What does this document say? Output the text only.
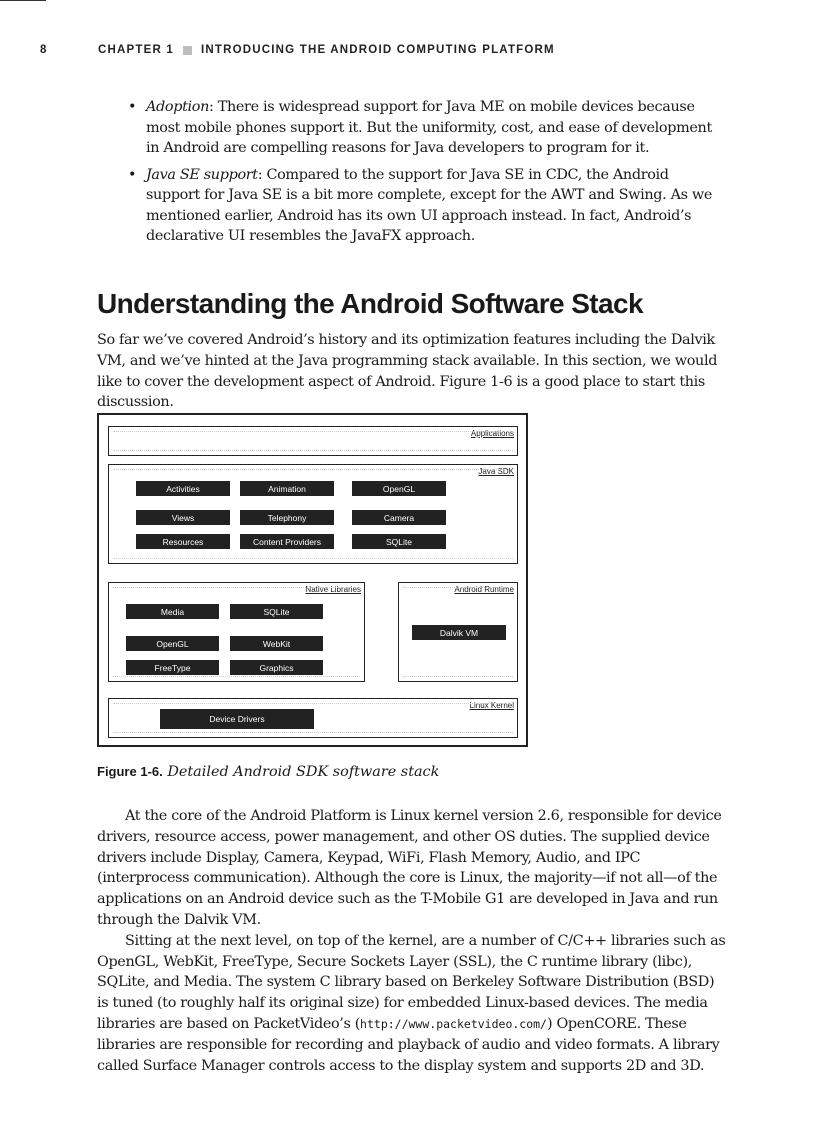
8	CHAPTER 1 INTRODUCING THE ANDROID COMPUTING PLATFORM
• Adoption: There is widespread support for Java ME on mobile devices because most mobile phones support it. But the uniformity, cost, and ease of development in Android are compelling reasons for Java developers to program for it.
• Java SE support: Compared to the support for Java SE in CDC, the Android support for Java SE is a bit more complete, except for the AWT and Swing. As we mentioned earlier, Android has its own UI approach instead. In fact, Android’s declarative UI resembles the JavaFX approach.
Understanding the Android Software Stack

So far we’ve covered Android’s history and its optimization features including the Dalvik VM, and we’ve hinted at the Java programming stack available. In this section, we would like to cover the development aspect of Android. Figure 1-6 is a good place to start this discussion.

Applications
Java SDK
Activities	Animation	OpenGL
Views	Telephony	Camera
Resources	Content Providers	SQLite
Native Libraries
Media	SQLite
OpenGL	WebKit
FreeType	Graphics
Android Runtime
Dalvik VM
Linux Kernel
Device Drivers

Figure 1-6. Detailed Android SDK software stack

At the core of the Android Platform is Linux kernel version 2.6, responsible for device drivers, resource access, power management, and other OS duties. The supplied device drivers include Display, Camera, Keypad, WiFi, Flash Memory, Audio, and IPC (interprocess communication). Although the core is Linux, the majority—if not all—of the applications on an Android device such as the T-Mobile G1 are developed in Java and run through the Dalvik VM.

Sitting at the next level, on top of the kernel, are a number of C/C++ libraries such as OpenGL, WebKit, FreeType, Secure Sockets Layer (SSL), the C runtime library (libc), SQLite, and Media. The system C library based on Berkeley Software Distribution (BSD) is tuned (to roughly half its original size) for embedded Linux-based devices. The media libraries are based on PacketVideo’s (http://www.packetvideo.com/) OpenCORE. These libraries are responsible for recording and playback of audio and video formats. A library called Surface Manager controls access to the display system and supports 2D and 3D.
